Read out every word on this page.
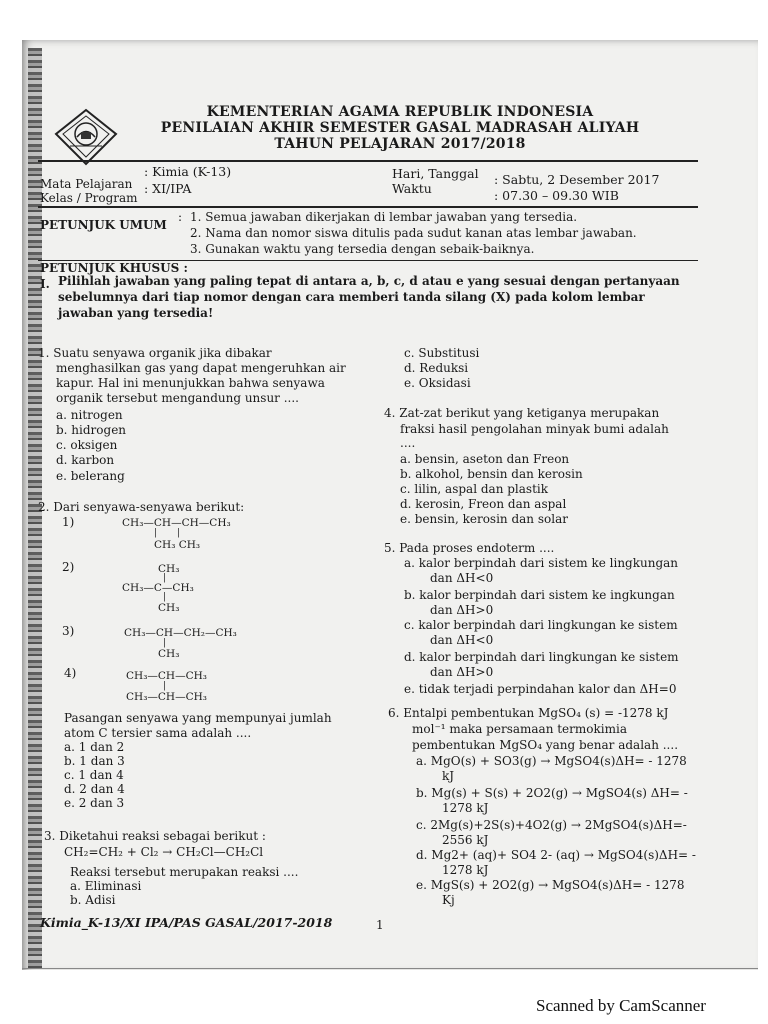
KEMENTERIAN AGAMA REPUBLIK INDONESIA
PENILAIAN AKHIR SEMESTER GASAL MADRASAH ALIYAH
TAHUN PELAJARAN 2017/2018
Mata Pelajaran
: Kimia (K-13)
Kelas / Program
: XI/IPA
Hari, Tanggal : Sabtu, 2 Desember 2017
Waktu	: 07.30 – 09.30 WIB
PETUNJUK UMUM
: 1. Semua jawaban dikerjakan di lembar jawaban yang tersedia.
2. Nama dan nomor siswa ditulis pada sudut kanan atas lembar jawaban.
3. Gunakan waktu yang tersedia dengan sebaik-baiknya.
PETUNJUK KHUSUS :
I. Pilihlah jawaban yang paling tepat di antara a, b, c, d atau e yang sesuai dengan pertanyaan
sebelumnya dari tiap nomor dengan cara memberi tanda silang (X) pada kolom lembar
jawaban yang tersedia!
1. Suatu senyawa organik jika dibakar
menghasilkan gas yang dapat mengeruhkan air
kapur. Hal ini menunjukkan bahwa senyawa
organik tersebut mengandung unsur ....
a. nitrogen
b. hidrogen
c. oksigen
d. karbon
e. belerang
2. Dari senyawa-senyawa berikut:
1)	CH₃—CH—CH—CH₃
|       |
CH₃ CH₃
2)	CH₃
|
CH₃—C—CH₃
|
CH₃
3)	CH₃—CH—CH₂—CH₃
|
CH₃
4)	CH₃—CH—CH₃
|
CH₃—CH—CH₃
Pasangan senyawa yang mempunyai jumlah
atom C tersier sama adalah ....
a. 1 dan 2
b. 1 dan 3
c. 1 dan 4
d. 2 dan 4
e. 2 dan 3
3. Diketahui reaksi sebagai berikut :
CH₂=CH₂ + Cl₂ → CH₂Cl—CH₂Cl
Reaksi tersebut merupakan reaksi ....
a. Eliminasi
b. Adisi
c. Substitusi
d. Reduksi
e. Oksidasi
4. Zat-zat berikut yang ketiganya merupakan
fraksi hasil pengolahan minyak bumi adalah
....
a. bensin, aseton dan Freon
b. alkohol, bensin dan kerosin
c. lilin, aspal dan plastik
d. kerosin, Freon dan aspal
e. bensin, kerosin dan solar
5. Pada proses endoterm ....
a. kalor berpindah dari sistem ke lingkungan
dan ΔH<0
b. kalor berpindah dari sistem ke ingkungan
dan ΔH>0
c. kalor berpindah dari lingkungan ke sistem
dan ΔH<0
d. kalor berpindah dari lingkungan ke sistem
dan ΔH>0
e. tidak terjadi perpindahan kalor dan ΔH=0
6. Entalpi pembentukan MgSO₄ (s) = -1278 kJ
mol⁻¹ maka persamaan termokimia
pembentukan MgSO₄ yang benar adalah ....
a. MgO(s) + SO3(g) → MgSO4(s)ΔH= - 1278
kJ
b. Mg(s) + S(s) + 2O2(g) → MgSO4(s) ΔH= -
1278 kJ
c. 2Mg(s)+2S(s)+4O2(g) → 2MgSO4(s)ΔH=-
2556 kJ
d. Mg2+ (aq)+ SO4 2- (aq) → MgSO4(s)ΔH= -
1278 kJ
e. MgS(s) + 2O2(g) → MgSO4(s)ΔH= - 1278
Kj
Kimia_K-13/XI IPA/PAS GASAL/2017-2018	1
Scanned by CamScanner
